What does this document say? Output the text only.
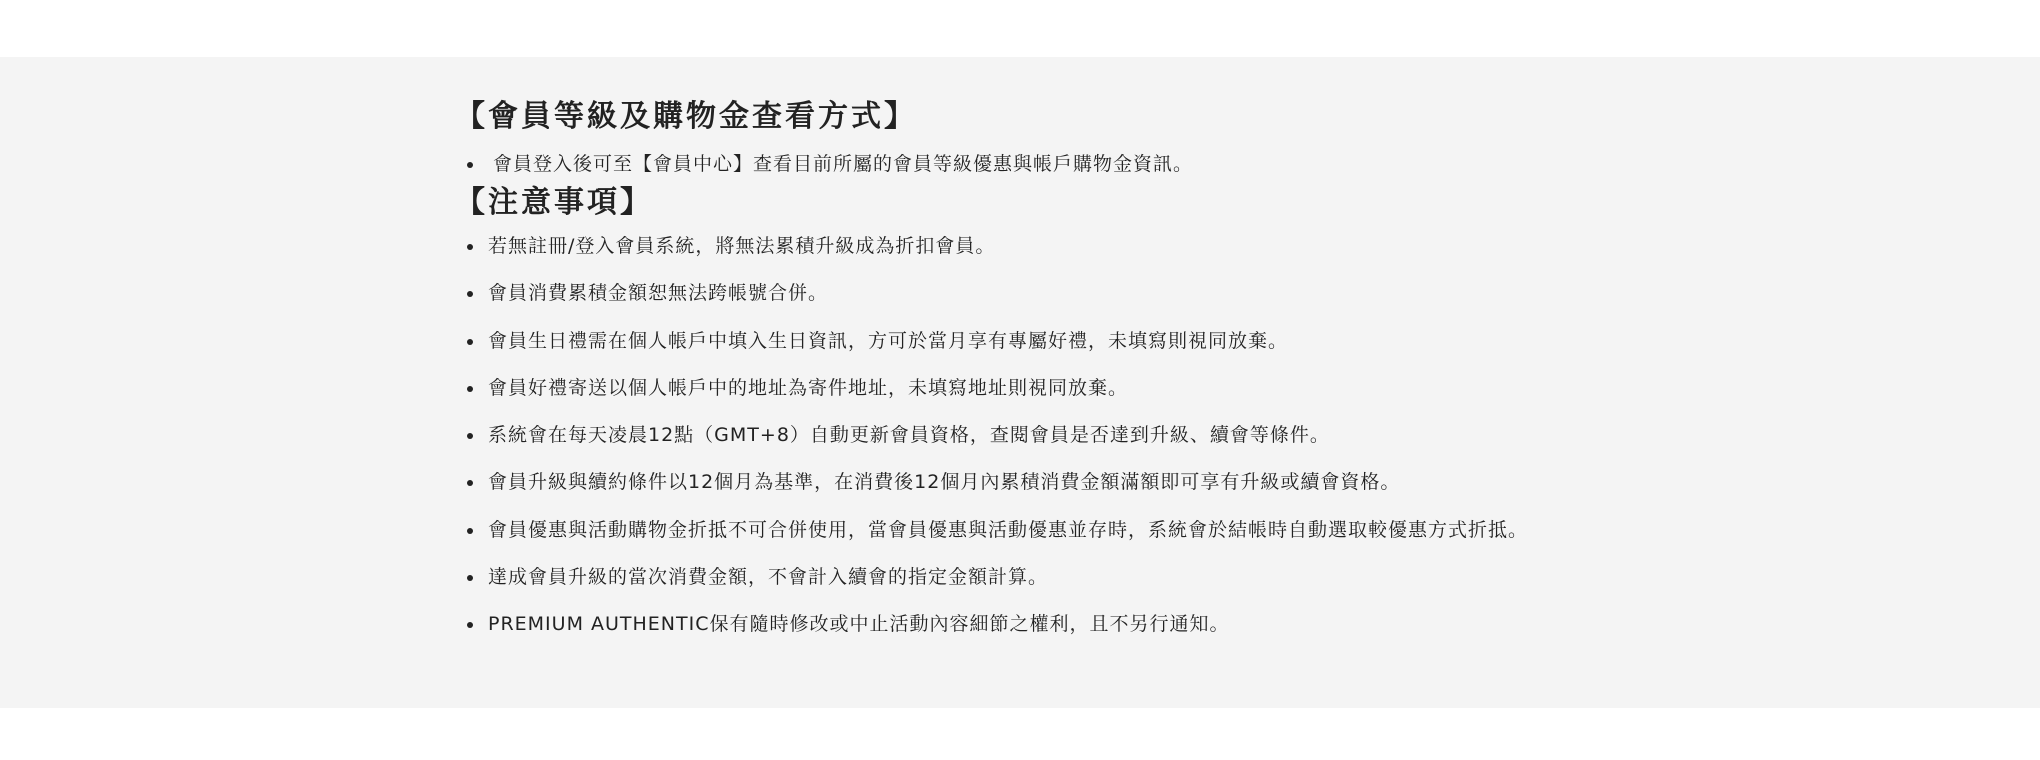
【會員等級及購物金查看方式】
會員登入後可至【會員中心】查看目前所屬的會員等級優惠與帳戶購物金資訊。
【注意事項】
若無註冊/登入會員系統，將無法累積升級成為折扣會員。
會員消費累積金額恕無法跨帳號合併。
會員生日禮需在個人帳戶中填入生日資訊，方可於當月享有專屬好禮，未填寫則視同放棄。
會員好禮寄送以個人帳戶中的地址為寄件地址，未填寫地址則視同放棄。
系統會在每天凌晨12點（GMT+8）自動更新會員資格，查閱會員是否達到升級、續會等條件。
會員升級與續約條件以12個月為基準，在消費後12個月內累積消費金額滿額即可享有升級或續會資格。
會員優惠與活動購物金折抵不可合併使用，當會員優惠與活動優惠並存時，系統會於結帳時自動選取較優惠方式折抵。
達成會員升級的當次消費金額，不會計入續會的指定金額計算。
PREMIUM AUTHENTIC保有隨時修改或中止活動內容細節之權利，且不另行通知。
